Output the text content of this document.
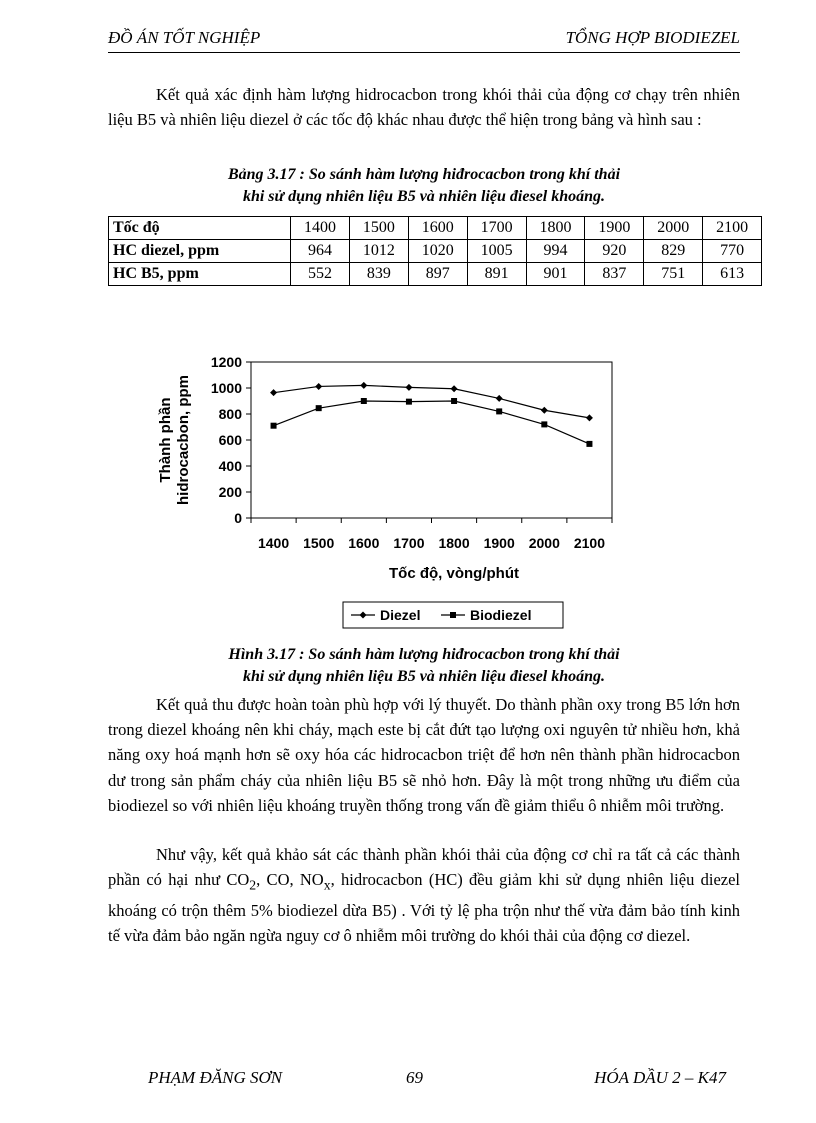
ĐỒ ÁN TỐT NGHIỆP	TỔNG HỢP BIODIEZEL

Kết quả xác định hàm lượng hidrocacbon trong khói thải của động cơ chạy trên nhiên liệu B5 và nhiên liệu diezel ở các tốc độ khác nhau được thể hiện trong bảng và hình sau :

Bảng 3.17 : So sánh hàm lượng hiđrocacbon trong khí thải
khi sử dụng nhiên liệu B5 và nhiên liệu điesel khoáng.
Tốc độ	1400	1500	1600	1700	1800	1900	2000	2100
HC diezel, ppm	964	1012	1020	1005	994	920	829	770
HC B5, ppm	552	839	897	891	901	837	751	613
Thành phần hidrocacbon, ppm
Tốc độ, vòng/phút
0
200
400
600
800
1000
1200
1400 1500 1600 1700 1800 1900 2000 2100
Diezel	Biodiezel
Hình 3.17 : So sánh hàm lượng hiđrocacbon trong khí thải
khi sử dụng nhiên liệu B5 và nhiên liệu điesel khoáng.

Kết quả thu được hoàn toàn phù hợp với lý thuyết. Do thành phần oxy trong B5 lớn hơn trong diezel khoáng nên khi cháy, mạch este bị cắt đứt tạo lượng oxi nguyên tử nhiều hơn, khả năng oxy hoá mạnh hơn sẽ oxy hóa các hidrocacbon triệt để hơn nên thành phần hidrocacbon dư trong sản phẩm cháy của nhiên liệu B5 sẽ nhỏ hơn. Đây là một trong những ưu điểm của biodiezel so với nhiên liệu khoáng truyền thống trong vấn đề giảm thiểu ô nhiễm môi trường.

Như vậy, kết quả khảo sát các thành phần khói thải của động cơ chỉ ra tất cả các thành phần có hại như $CO_2$, CO, $NO_x$, hidrocacbon (HC) đều giảm khi sử dụng nhiên liệu diezel khoáng có trộn thêm 5% biodiezel dừa B5) . Với tỷ lệ pha trộn như thế vừa đảm bảo tính kinh tế vừa đảm bảo ngăn ngừa nguy cơ ô nhiễm môi trường do khói thải của động cơ diezel.

PHẠM ĐĂNG SƠN	69	HÓA DẦU 2 – K47
